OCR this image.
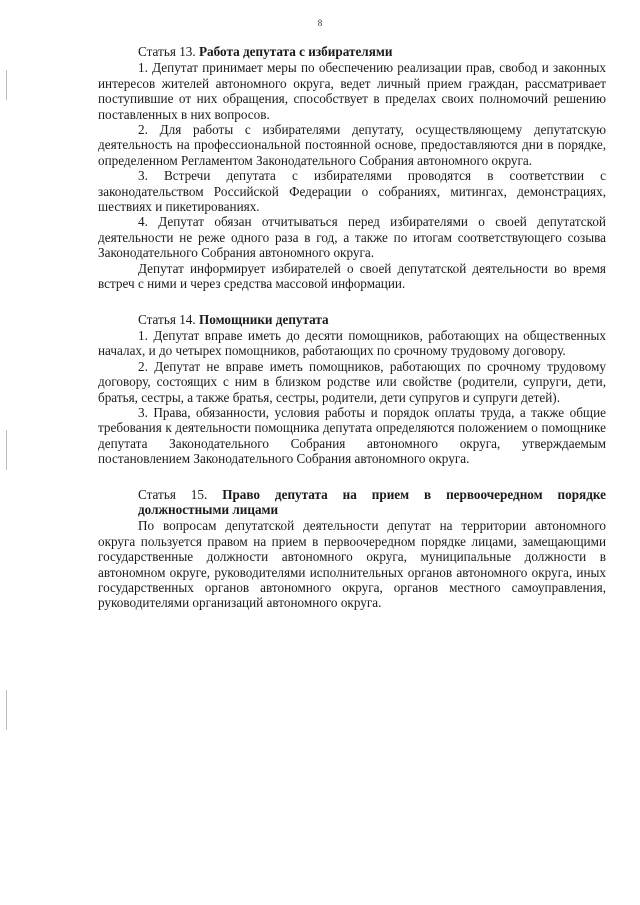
8

Статья 13. Работа депутата с избирателями

1. Депутат принимает меры по обеспечению реализации прав, свобод и законных интересов жителей автономного округа, ведет личный прием граждан, рассматривает поступившие от них обращения, способствует в пределах своих полномочий решению поставленных в них вопросов.

2. Для работы с избирателями депутату, осуществляющему депутатскую деятельность на профессиональной постоянной основе, предоставляются дни в порядке, определенном Регламентом Законодательного Собрания автономного округа.

3. Встречи депутата с избирателями проводятся в соответствии с законодательством Российской Федерации о собраниях, митингах, демонстрациях, шествиях и пикетированиях.

4. Депутат обязан отчитываться перед избирателями о своей депутатской деятельности не реже одного раза в год, а также по итогам соответствующего созыва Законодательного Собрания автономного округа.

Депутат информирует избирателей о своей депутатской деятельности во время встреч с ними и через средства массовой информации.

Статья 14. Помощники депутата

1. Депутат вправе иметь до десяти помощников, работающих на общественных началах, и до четырех помощников, работающих по срочному трудовому договору.

2. Депутат не вправе иметь помощников, работающих по срочному трудовому договору, состоящих с ним в близком родстве или свойстве (родители, супруги, дети, братья, сестры, а также братья, сестры, родители, дети супругов и супруги детей).

3. Права, обязанности, условия работы и порядок оплаты труда, а также общие требования к деятельности помощника депутата определяются положением о помощнике депутата Законодательного Собрания автономного округа, утверждаемым постановлением Законодательного Собрания автономного округа.

Статья 15. Право депутата на прием в первоочередном порядке должностными лицами

По вопросам депутатской деятельности депутат на территории автономного округа пользуется правом на прием в первоочередном порядке лицами, замещающими государственные должности автономного округа, муниципальные должности в автономном округе, руководителями исполнительных органов автономного округа, иных государственных органов автономного округа, органов местного самоуправления, руководителями организаций автономного округа.
